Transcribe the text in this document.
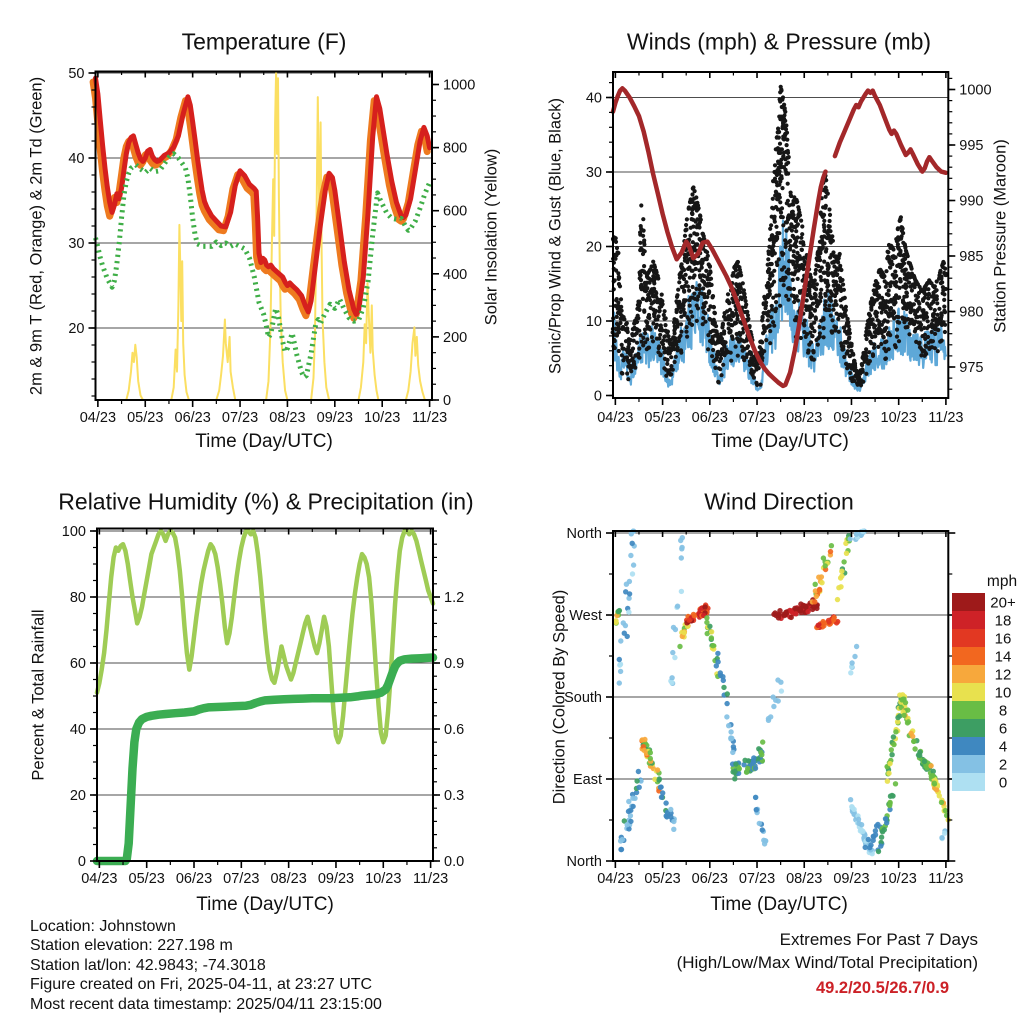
04/23 05/23 06/23 07/23 08/23 09/23 10/23 11/23
20
30
40
50
0
200
400
600
800
1000
04/23 05/23 06/23 07/23 08/23 09/23 10/23 11/23
0
10
20
30
40
975
980
985
990
995
1000
04/23 05/23 06/23 07/23 08/23 09/23 10/23 11/23
0
20
40
60
80
100
0.0
0.3
0.6
0.9
1.2
04/23 05/23 06/23 07/23 08/23 09/23 10/23 11/23
North
West
South
East
North
20+
18
16
14
12
10
8
6
4
2
0
Temperature (F)	Winds (mph) & Pressure (mb)
Relative Humidity (%) & Precipitation (in)	Wind Direction
Time (Day/UTC)	Time (Day/UTC)
Time (Day/UTC)	Time (Day/UTC)
2m & 9m T (Red, Orange) & 2m Td (Green)	Solar Insolation (Yellow)	Sonic/Prop Wind & Gust (Blue, Black)	Station Pressure (Maroon)
Percent & Total Rainfall	Direction (Colored By Speed)
mph
Location: Johnstown
Station elevation: 227.198 m
Station lat/lon: 42.9843; -74.3018
Figure created on Fri, 2025-04-11, at 23:27 UTC
Most recent data timestamp: 2025/04/11 23:15:00
Extremes For Past 7 Days
(High/Low/Max Wind/Total Precipitation)
49.2/20.5/26.7/0.9
